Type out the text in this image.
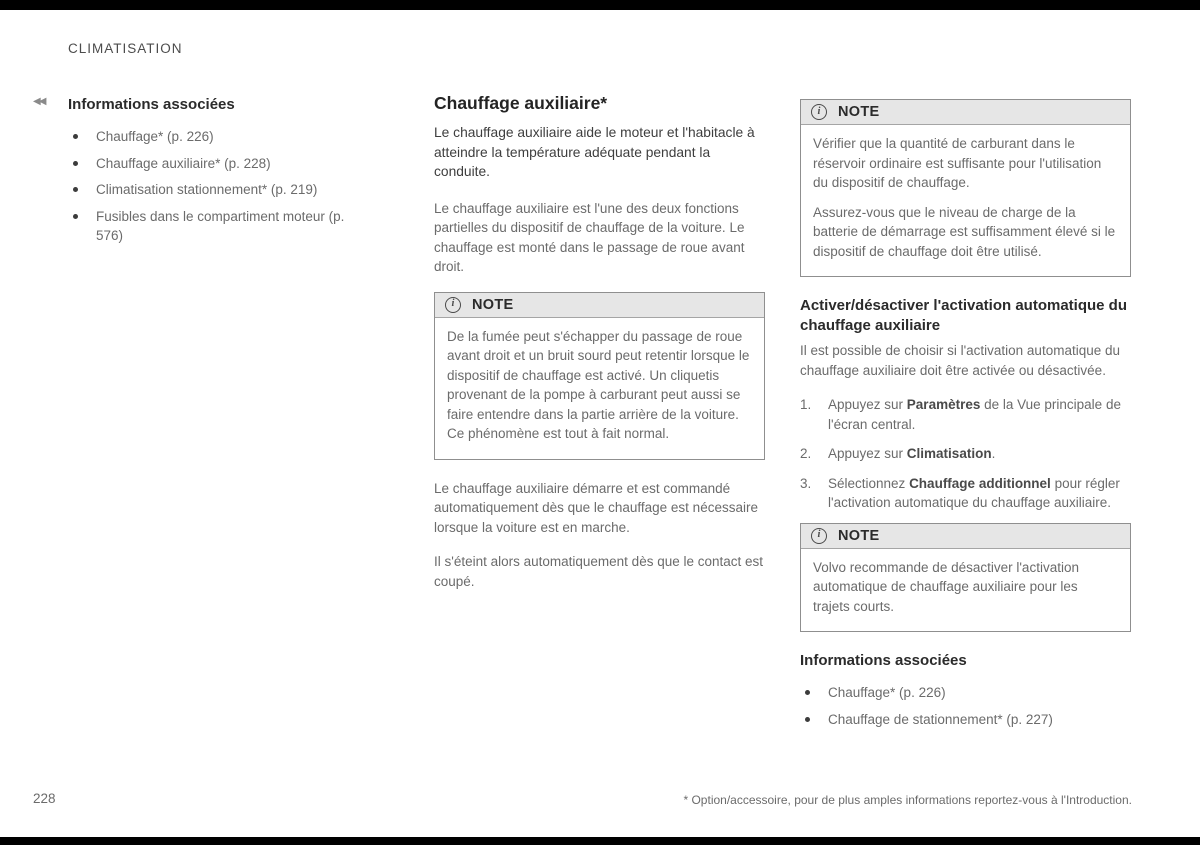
CLIMATISATION
◀◀ Informations associées
Chauffage* (p. 226)
Chauffage auxiliaire* (p. 228)
Climatisation stationnement* (p. 219)
Fusibles dans le compartiment moteur (p. 576)
Chauffage auxiliaire*

Le chauffage auxiliaire aide le moteur et l'habitacle à atteindre la température adéquate pendant la conduite.

Le chauffage auxiliaire est l'une des deux fonctions partielles du dispositif de chauffage de la voiture. Le chauffage est monté dans le passage de roue avant droit.

i	NOTE

De la fumée peut s'échapper du passage de roue avant droit et un bruit sourd peut retentir lorsque le dispositif de chauffage est activé. Un cliquetis provenant de la pompe à carburant peut aussi se faire entendre dans la partie arrière de la voiture. Ce phénomène est tout à fait normal.

Le chauffage auxiliaire démarre et est commandé automatiquement dès que le chauffage est nécessaire lorsque la voiture est en marche.

Il s'éteint alors automatiquement dès que le contact est coupé.

i	NOTE

Vérifier que la quantité de carburant dans le réservoir ordinaire est suffisante pour l'utilisation du dispositif de chauffage.

Assurez-vous que le niveau de charge de la batterie de démarrage est suffisamment élevé si le dispositif de chauffage doit être utilisé.

Activer/désactiver l'activation automatique du chauffage auxiliaire

Il est possible de choisir si l'activation automatique du chauffage auxiliaire doit être activée ou désactivée.

1.	Appuyez sur Paramètres de la Vue principale de l'écran central.
2.	Appuyez sur Climatisation.
3.	Sélectionnez Chauffage additionnel pour régler l'activation automatique du chauffage auxiliaire.
i	NOTE

Volvo recommande de désactiver l'activation automatique de chauffage auxiliaire pour les trajets courts.

Informations associées
Chauffage* (p. 226)
Chauffage de stationnement* (p. 227)
228	* Option/accessoire, pour de plus amples informations reportez-vous à l'Introduction.
